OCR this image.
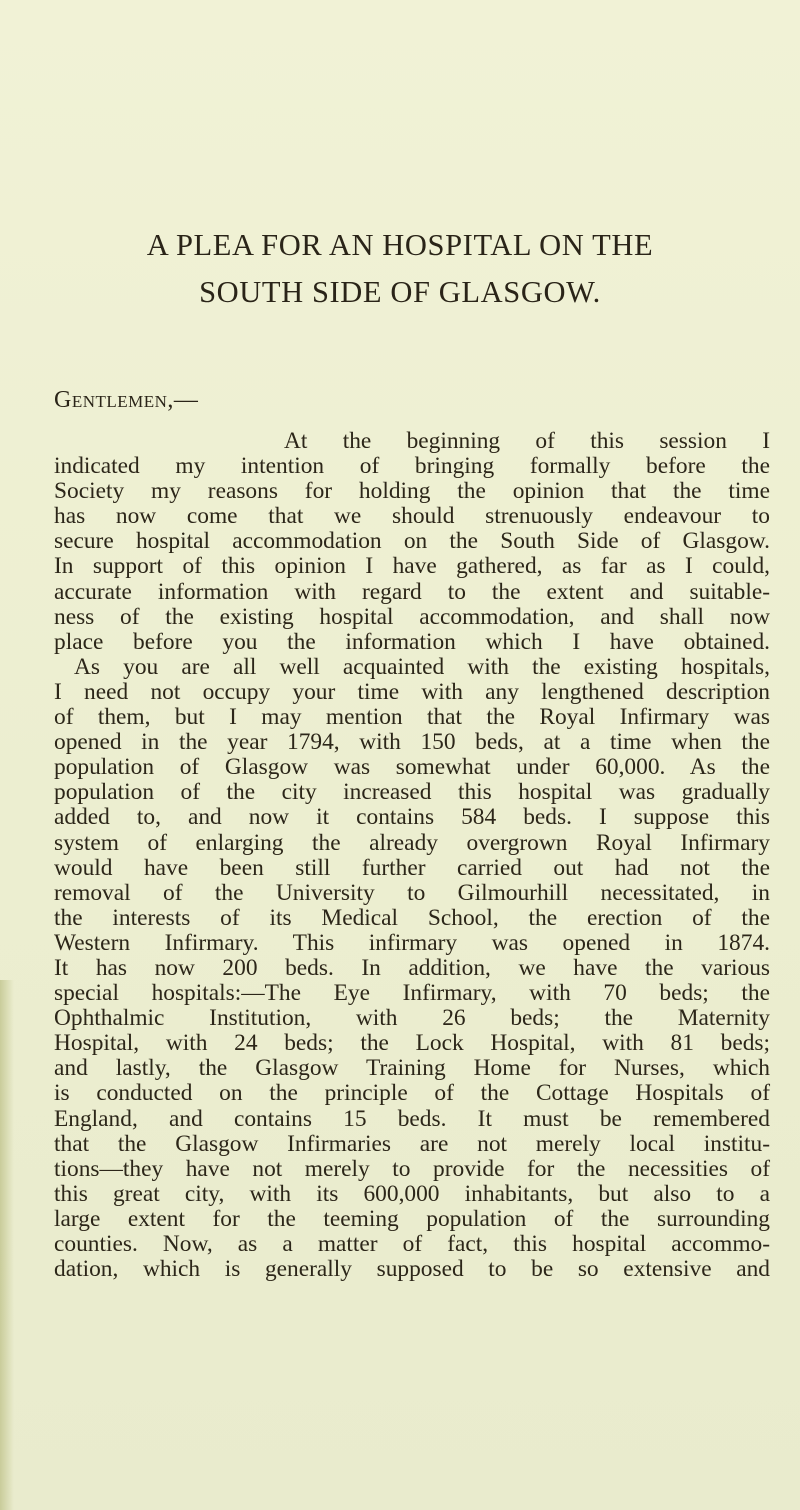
A PLEA FOR AN HOSPITAL ON THE
SOUTH SIDE OF GLASGOW.

Gentlemen,—

At the beginning of this session I
indicated my intention of bringing formally before the
Society my reasons for holding the opinion that the time
has now come that we should strenuously endeavour to
secure hospital accommodation on the South Side of Glasgow.
In support of this opinion I have gathered, as far as I could,
accurate information with regard to the extent and suitable-
ness of the existing hospital accommodation, and shall now
place before you the information which I have obtained.
As you are all well acquainted with the existing hospitals,
I need not occupy your time with any lengthened description
of them, but I may mention that the Royal Infirmary was
opened in the year 1794, with 150 beds, at a time when the
population of Glasgow was somewhat under 60,000. As the
population of the city increased this hospital was gradually
added to, and now it contains 584 beds. I suppose this
system of enlarging the already overgrown Royal Infirmary
would have been still further carried out had not the
removal of the University to Gilmourhill necessitated, in
the interests of its Medical School, the erection of the
Western Infirmary. This infirmary was opened in 1874.
It has now 200 beds. In addition, we have the various
special hospitals:—The Eye Infirmary, with 70 beds; the
Ophthalmic Institution, with 26 beds; the Maternity
Hospital, with 24 beds; the Lock Hospital, with 81 beds;
and lastly, the Glasgow Training Home for Nurses, which
is conducted on the principle of the Cottage Hospitals of
England, and contains 15 beds. It must be remembered
that the Glasgow Infirmaries are not merely local institu-
tions—they have not merely to provide for the necessities of
this great city, with its 600,000 inhabitants, but also to a
large extent for the teeming population of the surrounding
counties. Now, as a matter of fact, this hospital accommo-
dation, which is generally supposed to be so extensive and
